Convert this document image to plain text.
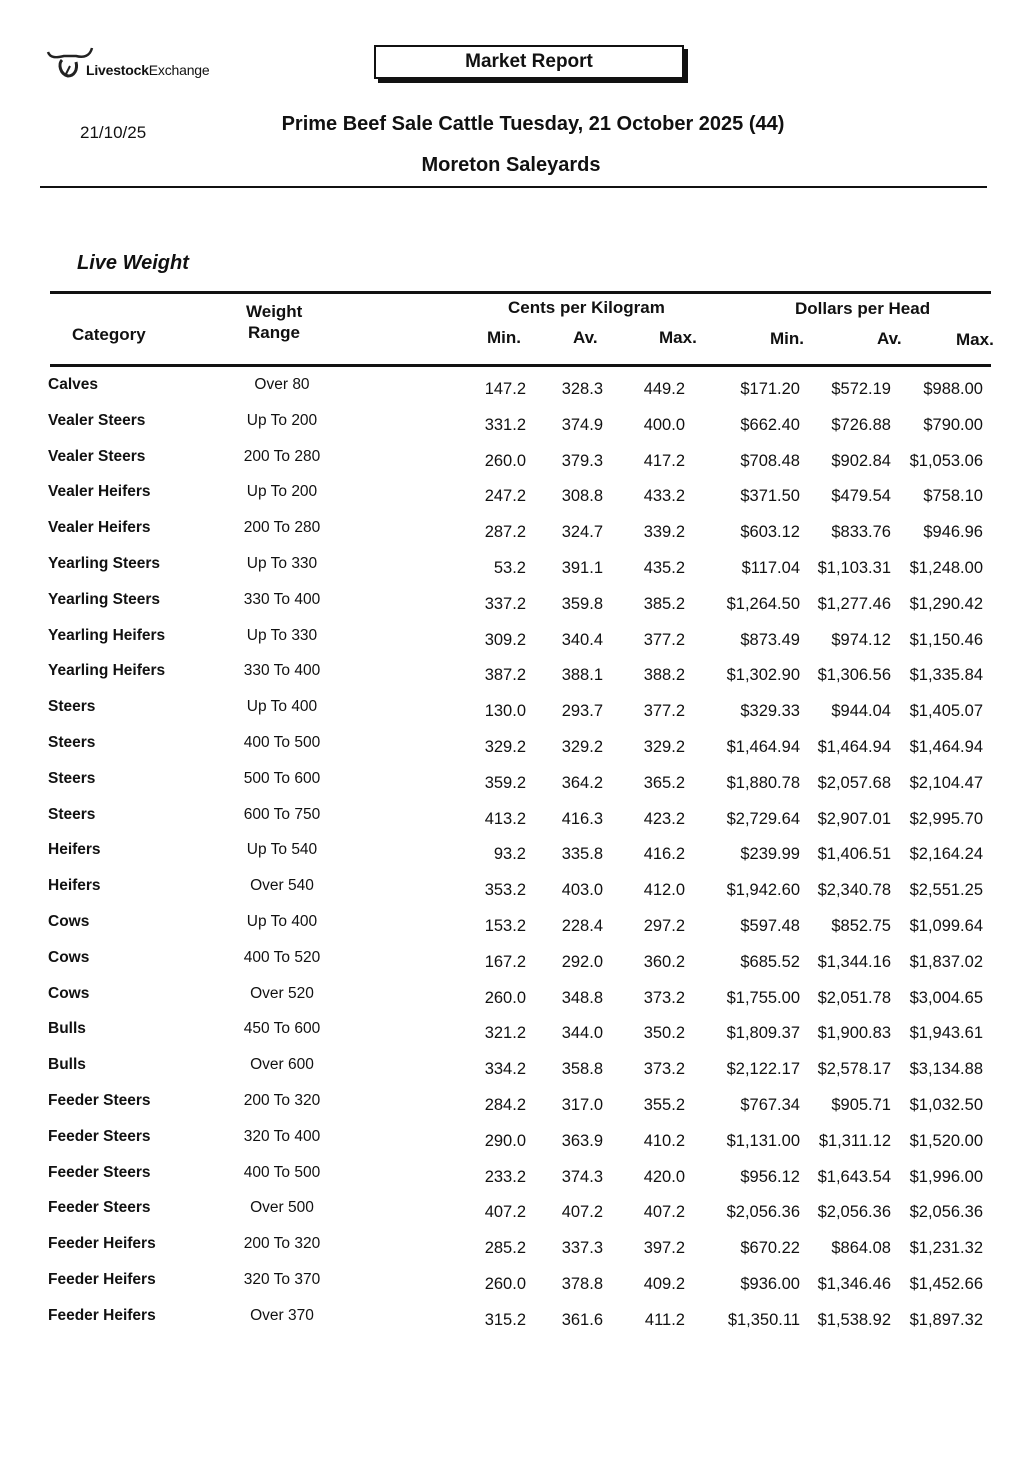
LivestockExchange	Market Report
21/10/25	Prime Beef Sale Cattle Tuesday, 21 October 2025 (44)
Moreton Saleyards
Live Weight
Category
Weight
Range
Cents per Kilogram	Dollars per Head
Min.	Av.	Max.	Min.	Av.	Max.
Calves	Over 80	147.2	328.3	449.2	$171.20	$572.19	$988.00
Vealer Steers	Up To 200	331.2	374.9	400.0	$662.40	$726.88	$790.00
Vealer Steers	200 To 280	260.0	379.3	417.2	$708.48	$902.84	$1,053.06
Vealer Heifers	Up To 200	247.2	308.8	433.2	$371.50	$479.54	$758.10
Vealer Heifers	200 To 280	287.2	324.7	339.2	$603.12	$833.76	$946.96
Yearling Steers	Up To 330	53.2	391.1	435.2	$117.04	$1,103.31	$1,248.00
Yearling Steers	330 To 400	337.2	359.8	385.2	$1,264.50	$1,277.46	$1,290.42
Yearling Heifers	Up To 330	309.2	340.4	377.2	$873.49	$974.12	$1,150.46
Yearling Heifers	330 To 400	387.2	388.1	388.2	$1,302.90	$1,306.56	$1,335.84
Steers	Up To 400	130.0	293.7	377.2	$329.33	$944.04	$1,405.07
Steers	400 To 500	329.2	329.2	329.2	$1,464.94	$1,464.94	$1,464.94
Steers	500 To 600	359.2	364.2	365.2	$1,880.78	$2,057.68	$2,104.47
Steers	600 To 750	413.2	416.3	423.2	$2,729.64	$2,907.01	$2,995.70
Heifers	Up To 540	93.2	335.8	416.2	$239.99	$1,406.51	$2,164.24
Heifers	Over 540	353.2	403.0	412.0	$1,942.60	$2,340.78	$2,551.25
Cows	Up To 400	153.2	228.4	297.2	$597.48	$852.75	$1,099.64
Cows	400 To 520	167.2	292.0	360.2	$685.52	$1,344.16	$1,837.02
Cows	Over 520	260.0	348.8	373.2	$1,755.00	$2,051.78	$3,004.65
Bulls	450 To 600	321.2	344.0	350.2	$1,809.37	$1,900.83	$1,943.61
Bulls	Over 600	334.2	358.8	373.2	$2,122.17	$2,578.17	$3,134.88
Feeder Steers	200 To 320	284.2	317.0	355.2	$767.34	$905.71	$1,032.50
Feeder Steers	320 To 400	290.0	363.9	410.2	$1,131.00	$1,311.12	$1,520.00
Feeder Steers	400 To 500	233.2	374.3	420.0	$956.12	$1,643.54	$1,996.00
Feeder Steers	Over 500	407.2	407.2	407.2	$2,056.36	$2,056.36	$2,056.36
Feeder Heifers	200 To 320	285.2	337.3	397.2	$670.22	$864.08	$1,231.32
Feeder Heifers	320 To 370	260.0	378.8	409.2	$936.00	$1,346.46	$1,452.66
Feeder Heifers	Over 370	315.2	361.6	411.2	$1,350.11	$1,538.92	$1,897.32
